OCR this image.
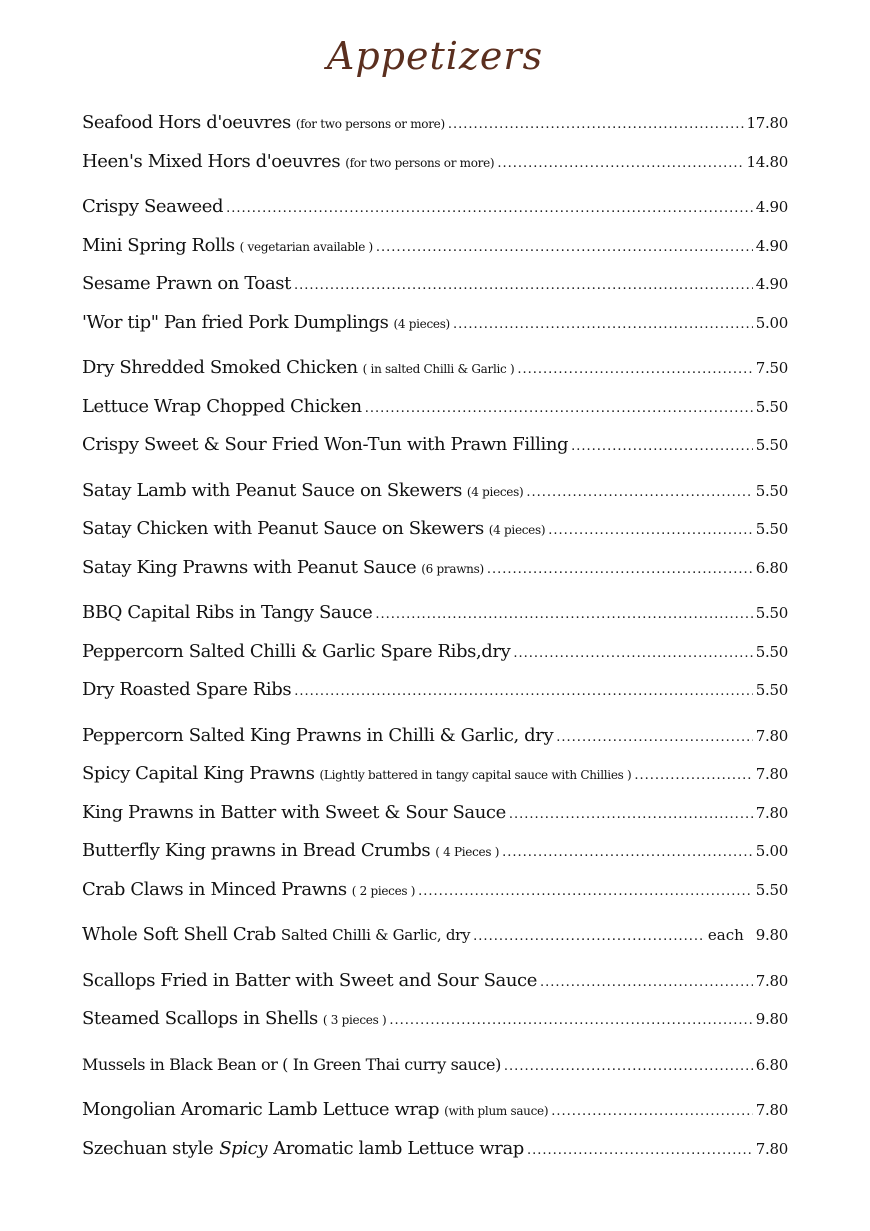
Appetizers
Seafood Hors d'oeuvres (for two persons or more) .....	17.80
Heen's Mixed Hors d'oeuvres (for two persons or more) .....	14.80
Crispy Seaweed .....	4.90
Mini Spring Rolls ( vegetarian available ) .....	4.90
Sesame Prawn on Toast .....	4.90
'Wor tip" Pan fried Pork Dumplings (4 pieces) .....	5.00
Dry Shredded Smoked Chicken ( in salted Chilli & Garlic ) .....	7.50
Lettuce Wrap Chopped Chicken .....	5.50
Crispy Sweet & Sour Fried Won-Tun with Prawn Filling .....	5.50
Satay Lamb with Peanut Sauce on Skewers (4 pieces) .....	5.50
Satay Chicken with Peanut Sauce on Skewers (4 pieces) .....	5.50
Satay King Prawns with Peanut Sauce (6 prawns) .....	6.80
BBQ Capital Ribs in Tangy Sauce .....	5.50
Peppercorn Salted Chilli & Garlic Spare Ribs,dry .....	5.50
Dry Roasted Spare Ribs .....	5.50
Peppercorn Salted King Prawns in Chilli & Garlic, dry .....	7.80
Spicy Capital King Prawns (Lightly battered in tangy capital sauce with Chillies ) .....	7.80
King Prawns in Batter with Sweet & Sour Sauce .....	7.80
Butterfly King prawns in Bread Crumbs ( 4 Pieces ) .....	5.00
Crab Claws in Minced Prawns ( 2 pieces ) .....	5.50
Whole Soft Shell Crab Salted Chilli & Garlic, dry .....	each 9.80
Scallops Fried in Batter with Sweet and Sour Sauce .....	7.80
Steamed Scallops in Shells ( 3 pieces ) .....	9.80
Mussels in Black Bean or ( In Green Thai curry sauce) .....	6.80
Mongolian Aromaric Lamb Lettuce wrap (with plum sauce) .....	7.80
Szechuan style Spicy Aromatic lamb Lettuce wrap .....	7.80
